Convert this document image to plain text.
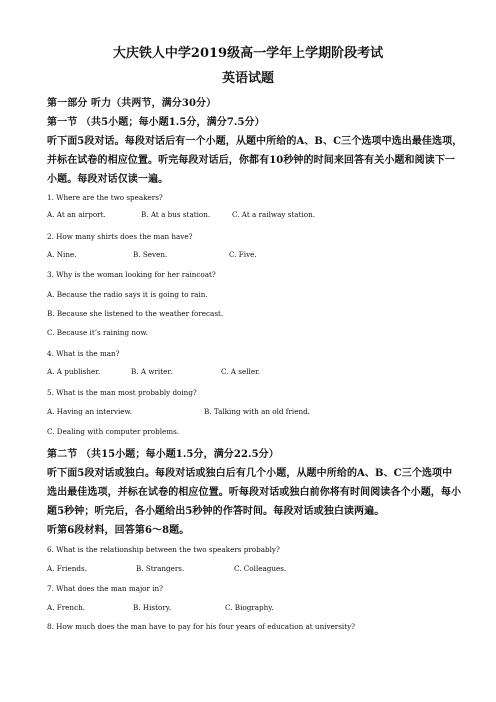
大庆铁人中学2019级高一学年上学期阶段考试
英语试题
第一部分 听力（共两节，满分30分）
第一节 （共5小题；每小题1.5分，满分7.5分）
听下面5段对话。每段对话后有一个小题，从题中所给的A、B、C三个选项中选出最佳选项，
并标在试卷的相应位置。听完每段对话后，你都有10秒钟的时间来回答有关小题和阅读下一
小题。每段对话仅读一遍。
1. Where are the two speakers?
A. At an airport.	B. At a bus station.	C. At a railway station.
2. How many shirts does the man have?
A. Nine.	B. Seven.	C. Five.
3. Why is the woman looking for her raincoat?
A. Because the radio says it is going to rain.
B. Because she listened to the weather forecast.
C. Because it’s raining now.
4. What is the man?
A. A publisher.	B. A writer.	C. A seller.
5. What is the man most probably doing?
A. Having an interview.	B. Talking with an old friend.
C. Dealing with computer problems.
第二节 （共15小题；每小题1.5分，满分22.5分）
听下面5段对话或独白。每段对话或独白后有几个小题，从题中所给的A、B、C三个选项中
选出最佳选项，并标在试卷的相应位置。听每段对话或独白前你将有时间阅读各个小题，每小
题5秒钟；听完后，各小题给出5秒钟的作答时间。每段对话或独白读两遍。
听第6段材料，回答第6～8题。
6. What is the relationship between the two speakers probably?
A. Friends.	B. Strangers.	C. Colleagues.
7. What does the man major in?
A. French.	B. History.	C. Biography.
8. How much does the man have to pay for his four years of education at university?
